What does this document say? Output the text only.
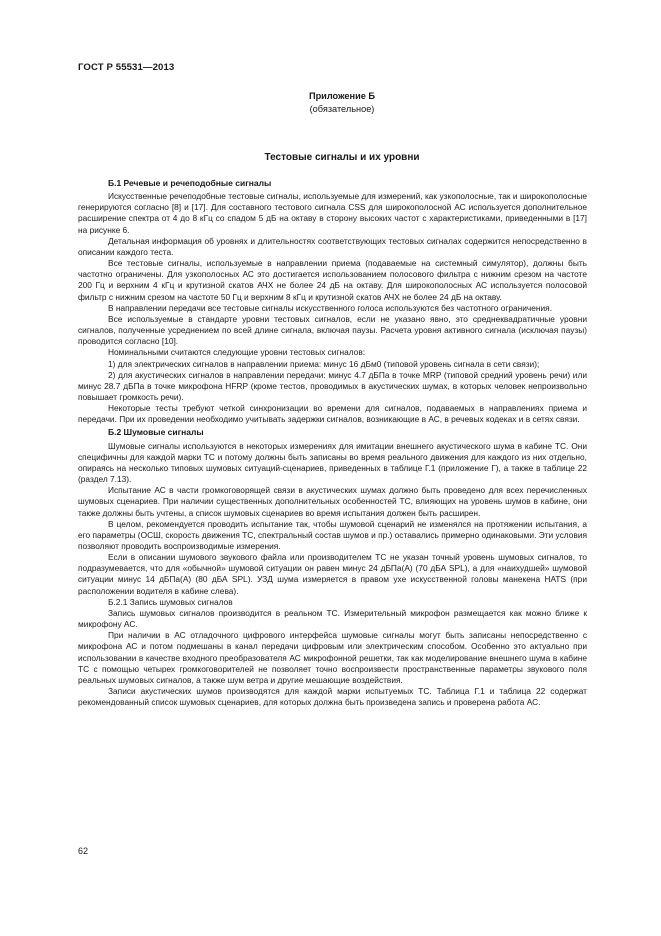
ГОСТ Р 55531—2013
Приложение Б
(обязательное)
Тестовые сигналы и их уровни
Б.1 Речевые и речеподобные сигналы

Искусственные речеподобные тестовые сигналы, используемые для измерений, как узкополосные, так и широкополосные генерируются согласно [8] и [17]. Для составного тестового сигнала CSS для широкополосной АС используется дополнительное расширение спектра от 4 до 8 кГц со спадом 5 дБ на октаву в сторону высоких частот с характеристиками, приведенными в [17] на рисунке 6.

Детальная информация об уровнях и длительностях соответствующих тестовых сигналах содержится непосредственно в описании каждого теста.

Все тестовые сигналы, используемые в направлении приема (подаваемые на системный симулятор), должны быть частотно ограничены. Для узкополосных АС это достигается использованием полосового фильтра с нижним срезом на частоте 200 Гц и верхним 4 кГц и крутизной скатов АЧХ не более 24 дБ на октаву. Для широкополосных АС используется полосовой фильтр с нижним срезом на частоте 50 Гц и верхним 8 кГц и крутизной скатов АЧХ не более 24 дБ на октаву.

В направлении передачи все тестовые сигналы искусственного голоса используются без частотного ограничения.

Все используемые в стандарте уровни тестовых сигналов, если не указано явно, это среднеквадратичные уровни сигналов, полученные усреднением по всей длине сигнала, включая паузы. Расчета уровня активного сигнала (исключая паузы) проводится согласно [10].

Номинальными считаются следующие уровни тестовых сигналов:

1) для электрических сигналов в направлении приема: минус 16 дБм0 (типовой уровень сигнала в сети связи);

2) для акустических сигналов в направлении передачи: минус 4.7 дБПа в точке MRP (типовой средний уровень речи) или минус 28.7 дБПа в точке микрофона HFRP (кроме тестов, проводимых в акустических шумах, в которых человек непроизвольно повышает громкость речи).

Некоторые тесты требуют четкой синхронизации во времени для сигналов, подаваемых в направлениях приема и передачи. При их проведении необходимо учитывать задержки сигналов, возникающие в АС, в речевых кодеках и в сетях связи.

Б.2 Шумовые сигналы

Шумовые сигналы используются в некоторых измерениях для имитации внешнего акустического шума в кабине ТС. Они специфичны для каждой марки ТС и потому должны быть записаны во время реального движения для каждого из них отдельно, опираясь на несколько типовых шумовых ситуаций-сценариев, приведенных в таблице Г.1 (приложение Г), а также в таблице 22 (раздел 7.13).

Испытание АС в части громкоговорящей связи в акустических шумах должно быть проведено для всех перечисленных шумовых сценариев. При наличии существенных дополнительных особенностей ТС, влияющих на уровень шумов в кабине, они также должны быть учтены, а список шумовых сценариев во время испытания должен быть расширен.

В целом, рекомендуется проводить испытание так, чтобы шумовой сценарий не изменялся на протяжении испытания, а его параметры (ОСШ, скорость движения ТС, спектральный состав шумов и пр.) оставались примерно одинаковыми. Эти условия позволяют проводить воспроизводимые измерения.

Если в описании шумового звукового файла или производителем ТС не указан точный уровень шумовых сигналов, то подразумевается, что для «обычной» шумовой ситуации он равен минус 24 дБПа(А) (70 дБА SPL), а для «наихудшей» шумовой ситуации минус 14 дБПа(А) (80 дБА SPL). УЗД шума измеряется в правом ухе искусственной головы манекена HATS (при расположении водителя в кабине слева).

Б.2.1 Запись шумовых сигналов

Запись шумовых сигналов производится в реальном ТС. Измерительный микрофон размещается как можно ближе к микрофону АС.

При наличии в АС отладочного цифрового интерфейса шумовые сигналы могут быть записаны непосредственно с микрофона АС и потом подмешаны в канал передачи цифровым или электрическим способом. Особенно это актуально при использовании в качестве входного преобразователя АС микрофонной решетки, так как моделирование внешнего шума в кабине ТС с помощью четырех громкоговорителей не позволяет точно воспроизвести пространственные параметры звукового поля реальных шумовых сигналов, а также шум ветра и другие мешающие воздействия.

Записи акустических шумов производятся для каждой марки испытуемых ТС. Таблица Г.1 и таблица 22 содержат рекомендованный список шумовых сценариев, для которых должна быть произведена запись и проверена работа АС.

62
